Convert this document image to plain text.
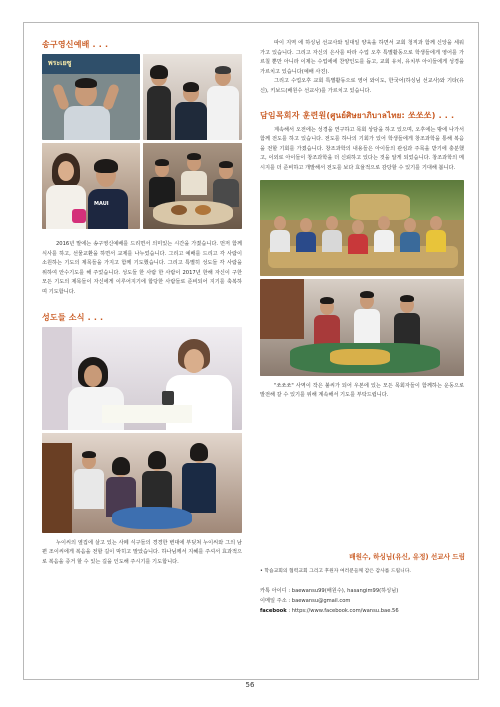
송구영신예배 . . .
พระเยซู
MAUI

2016년 말에는 송구영신예배를 드리면서 의미있는 시간을 가졌습니다. 먼저 함께 식사를 하고, 선물교환을 하면서 교제를 나누었습니다. 그리고 예배를 드리고 각 사람이 소원하는 기도의 제목들을 가지고 함께 기도했습니다. 그리고 특별히 성도들 각 사람을 위하여 안수기도를 해 주었습니다. 성도들 한 사람 한 사람이 2017년 한해 자신이 구한 모든 기도의 제목들이 자신에게 이루어지기에 합당한 사람들로 준비되어 지기를 축복하며 기도합니다.

성도들 소식 . . .

누이씨의 옆집에 살고 있는 사떼 식구들의 경경한 변대에 부딪쳐 누이씨와 그의 남편 조이씨에게 복음을 전할 길이 막히고 말았습니다. 하나님께서 지혜를 주셔서 효과적으로 복음을 증거 할 수 있는 길을 인도해 주시기를 기도합니다.

따이 지역 에 하싱님 선교사와 일대일 양육을 하면서 교회 청직과 함께 신앙을 세워가고 있습니다. 그리고 자신의 은사를 따라 수업 오후 특별활동으로 학생들에게 영어를 가르칠 뿐만 아니라 이제는 수업에에 찬양인도를 돕고, 교회 유치, 유치부 아이들에게 성경을 가르치고 있습니다(예배 사진).

그리고 수업오후 교회 특별활동으로 영어 와이도, 한국어(하싱님 선교사)와 기타(유신), 키보드(배원수 선교사)를 가르치고 있습니다.

담임목회자 훈련원(ศูนย์ศิษยาภิบาลไทย: 쏘쏘쏘) . . .

계속해서 오전에는 성경을 연구하고 목회 상담을 하고 있으며, 오후에는 밖에 나가서 함께 전도를 하고 있습니다. 전도를 하나의 기회가 있어 학생들에게 창조과학을 통해 복음을 전할 기회를 가졌습니다. 창조과학의 내용들은 아이들의 관심과 주목을 받기에 충분했고, 이외로 아이들이 창조과학을 더 신뢰하고 있다는 것을 알게 되었습니다. 창조과학의 메시지를 더 준비하고 개발해서 전도를 보다 효율적으로 감당할 수 있기를 기대해 봅니다.

"쏘쏘쏘" 사역이 작은 불씨가 되어 우본에 있는 모든 목회자들이 함께하는 운동으로 발전해 갈 수 있기를 위해 계속해서 기도를 부탁드립니다.

배원수, 하싱님(유신, 유정) 선교사 드림

• 학습교회의 협력교회 그리고 후원자 여러분들께 감은 감사를 드립니다.

카톡 아이디 : baewansu99(배원수), hasangim99(하싱님)

이메일 주소 : baewansu@gmail.com

facebook : https://www.facebook.com/wansu.bae.56

56
